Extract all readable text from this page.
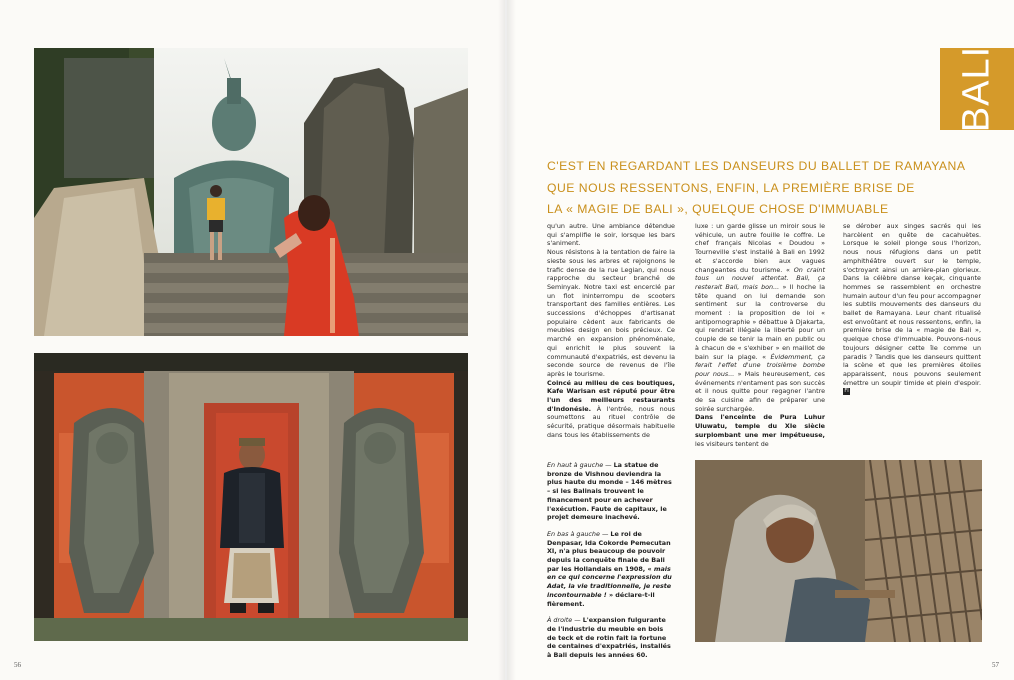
BALI
C'EST EN REGARDANT LES DANSEURS DU BALLET DE RAMAYANA
QUE NOUS RESSENTONS, ENFIN, LA PREMIÈRE BRISE DE
LA « MAGIE DE BALI », QUELQUE CHOSE D'IMMUABLE

qu'un autre. Une ambiance détendue qui s'amplifie le soir, lorsque les bars s'animent.

Nous résistons à la tentation de faire la sieste sous les arbres et rejoignons le trafic dense de la rue Legian, qui nous rapproche du secteur branché de Seminyak. Notre taxi est encerclé par un flot ininterrompu de scooters transportant des familles entières. Les successions d'échoppes d'artisanat populaire cèdent aux fabricants de meubles design en bois précieux. Ce marché en expansion phénoménale, qui enrichit le plus souvent la communauté d'expatriés, est devenu la seconde source de revenus de l'île après le tourisme.

Coincé au milieu de ces boutiques, Kafe Warisan est réputé pour être l'un des meilleurs restaurants d'Indonésie. À l'entrée, nous nous soumettons au rituel contrôle de sécurité, pratique désormais habituelle dans tous les établissements de

luxe : un garde glisse un miroir sous le véhicule, un autre fouille le coffre. Le chef français Nicolas « Doudou » Tourneville s'est installé à Bali en 1992 et s'accorde bien aux vagues changeantes du tourisme. « On craint tous un nouvel attentat. Bali, ça resterait Bali, mais bon... » Il hoche la tête quand on lui demande son sentiment sur la controverse du moment : la proposition de loi « antipornographie » débattue à Djakarta, qui rendrait illégale la liberté pour un couple de se tenir la main en public ou à chacun de « s'exhiber » en maillot de bain sur la plage. « Évidemment, ça ferait l'effet d'une troisième bombe pour nous... » Mais heureusement, ces événements n'entament pas son succès et il nous quitte pour regagner l'antre de sa cuisine afin de préparer une soirée surchargée.

Dans l'enceinte de Pura Luhur Uluwatu, temple du XIe siècle surplombant une mer impétueuse, les visiteurs tentent de

se dérober aux singes sacrés qui les harcèlent en quête de cacahuètes. Lorsque le soleil plonge sous l'horizon, nous nous réfugions dans un petit amphithéâtre ouvert sur le temple, s'octroyant ainsi un arrière-plan glorieux. Dans la célèbre danse keçak, cinquante hommes se rassemblent en orchestre humain autour d'un feu pour accompagner les subtils mouvements des danseurs du ballet de Ramayana. Leur chant ritualisé est envoûtant et nous ressentons, enfin, la première brise de la « magie de Bali », quelque chose d'immuable. Pouvons-nous toujours désigner cette île comme un paradis ? Tandis que les danseurs quittent la scène et que les premières étoiles apparaissent, nous pouvons seulement émettre un soupir timide et plein d'espoir. FI

En haut à gauche — La statue de bronze de Vishnou deviendra la plus haute du monde – 146 mètres – si les Balinais trouvent le financement pour en achever l'exécution. Faute de capitaux, le projet demeure inachevé.

En bas à gauche — Le roi de Denpasar, Ida Cokorde Pemecutan XI, n'a plus beaucoup de pouvoir depuis la conquête finale de Bali par les Hollandais en 1908, « mais en ce qui concerne l'expression du Adat, la vie traditionnelle, je reste incontournable ! » déclare-t-il fièrement.

À droite — L'expansion fulgurante de l'industrie du meuble en bois de teck et de rotin fait la fortune de centaines d'expatriés, installés à Bali depuis les années 60.

56	57
